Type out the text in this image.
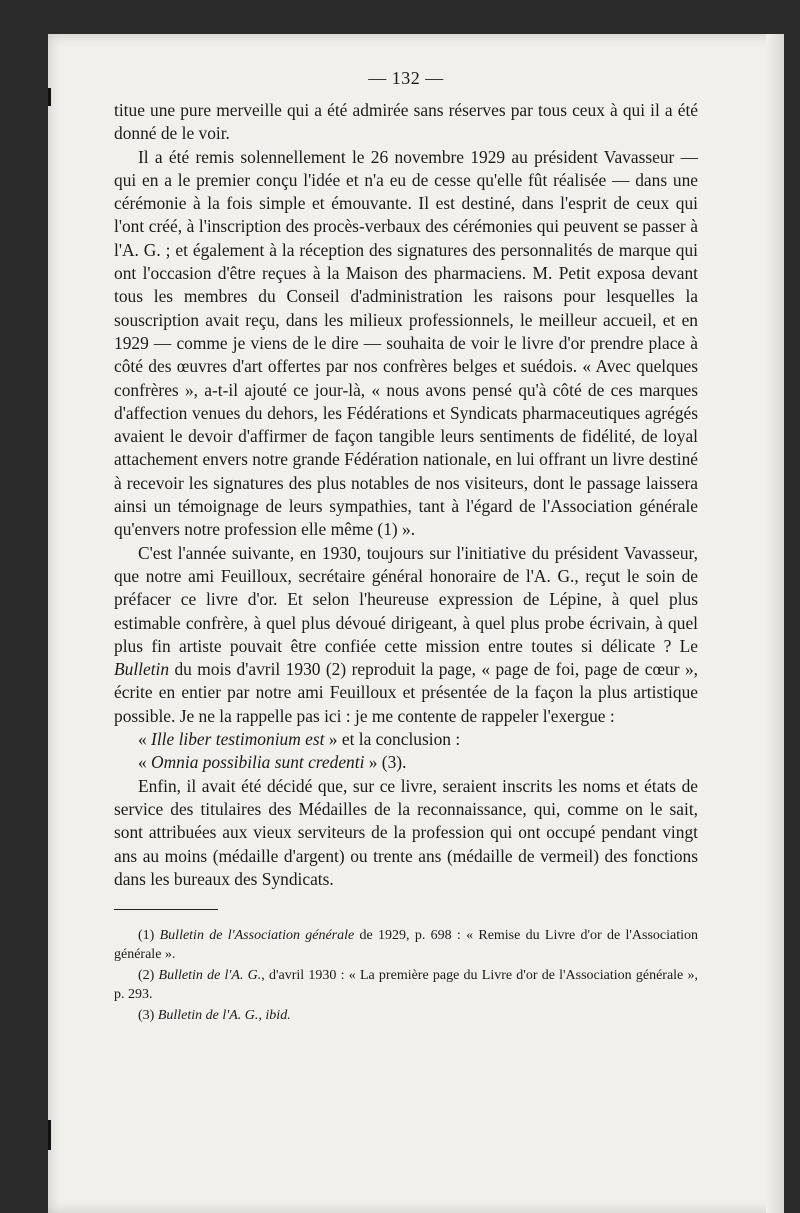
— 132 —

titue une pure merveille qui a été admirée sans réserves par tous ceux à qui il a été donné de le voir.

Il a été remis solennellement le 26 novembre 1929 au président Vavasseur — qui en a le premier conçu l'idée et n'a eu de cesse qu'elle fût réalisée — dans une cérémonie à la fois simple et émouvante. Il est destiné, dans l'esprit de ceux qui l'ont créé, à l'inscription des procès-verbaux des cérémonies qui peuvent se passer à l'A. G. ; et également à la réception des signatures des personnalités de marque qui ont l'occasion d'être reçues à la Maison des pharmaciens. M. Petit exposa devant tous les membres du Conseil d'administration les raisons pour lesquelles la souscription avait reçu, dans les milieux professionnels, le meilleur accueil, et en 1929 — comme je viens de le dire — souhaita de voir le livre d'or prendre place à côté des œuvres d'art offertes par nos confrères belges et suédois. « Avec quelques confrères », a-t-il ajouté ce jour-là, « nous avons pensé qu'à côté de ces marques d'affection venues du dehors, les Fédérations et Syndicats pharmaceutiques agrégés avaient le devoir d'affirmer de façon tangible leurs sentiments de fidélité, de loyal attachement envers notre grande Fédération nationale, en lui offrant un livre destiné à recevoir les signatures des plus notables de nos visiteurs, dont le passage laissera ainsi un témoignage de leurs sympathies, tant à l'égard de l'Association générale qu'envers notre profession elle même (1) ».

C'est l'année suivante, en 1930, toujours sur l'initiative du président Vavasseur, que notre ami Feuilloux, secrétaire général honoraire de l'A. G., reçut le soin de préfacer ce livre d'or. Et selon l'heureuse expression de Lépine, à quel plus estimable confrère, à quel plus dévoué dirigeant, à quel plus probe écrivain, à quel plus fin artiste pouvait être confiée cette mission entre toutes si délicate ? Le Bulletin du mois d'avril 1930 (2) reproduit la page, « page de foi, page de cœur », écrite en entier par notre ami Feuilloux et présentée de la façon la plus artistique possible. Je ne la rappelle pas ici : je me contente de rappeler l'exergue :

« Ille liber testimonium est » et la conclusion :

« Omnia possibilia sunt credenti » (3).

Enfin, il avait été décidé que, sur ce livre, seraient inscrits les noms et états de service des titulaires des Médailles de la reconnaissance, qui, comme on le sait, sont attribuées aux vieux serviteurs de la profession qui ont occupé pendant vingt ans au moins (médaille d'argent) ou trente ans (médaille de vermeil) des fonctions dans les bureaux des Syndicats.

(1) Bulletin de l'Association générale de 1929, p. 698 : « Remise du Livre d'or de l'Association générale ».

(2) Bulletin de l'A. G., d'avril 1930 : « La première page du Livre d'or de l'Association générale », p. 293.

(3) Bulletin de l'A. G., ibid.
